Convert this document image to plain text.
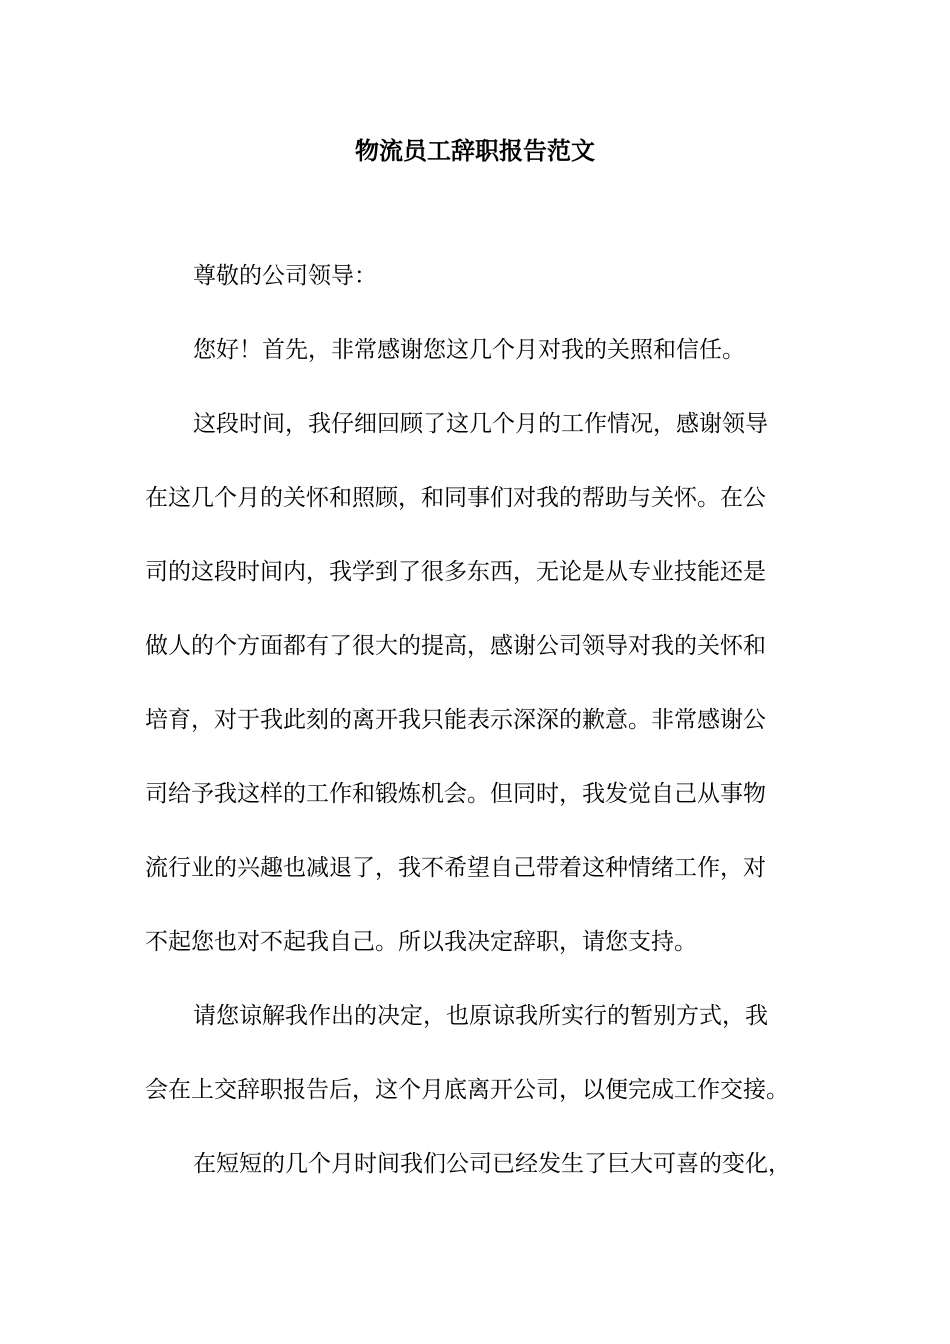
物流员工辞职报告范文

尊敬的公司领导：

您好！首先，非常感谢您这几个月对我的关照和信任。

这段时间，我仔细回顾了这几个月的工作情况，感谢领导

在这几个月的关怀和照顾，和同事们对我的帮助与关怀。在公

司的这段时间内，我学到了很多东西，无论是从专业技能还是

做人的个方面都有了很大的提高，感谢公司领导对我的关怀和

培育，对于我此刻的离开我只能表示深深的歉意。非常感谢公

司给予我这样的工作和锻炼机会。但同时，我发觉自己从事物

流行业的兴趣也减退了，我不希望自己带着这种情绪工作，对

不起您也对不起我自己。所以我决定辞职，请您支持。

请您谅解我作出的决定，也原谅我所实行的暂别方式，我

会在上交辞职报告后，这个月底离开公司，以便完成工作交接。

在短短的几个月时间我们公司已经发生了巨大可喜的变化，
